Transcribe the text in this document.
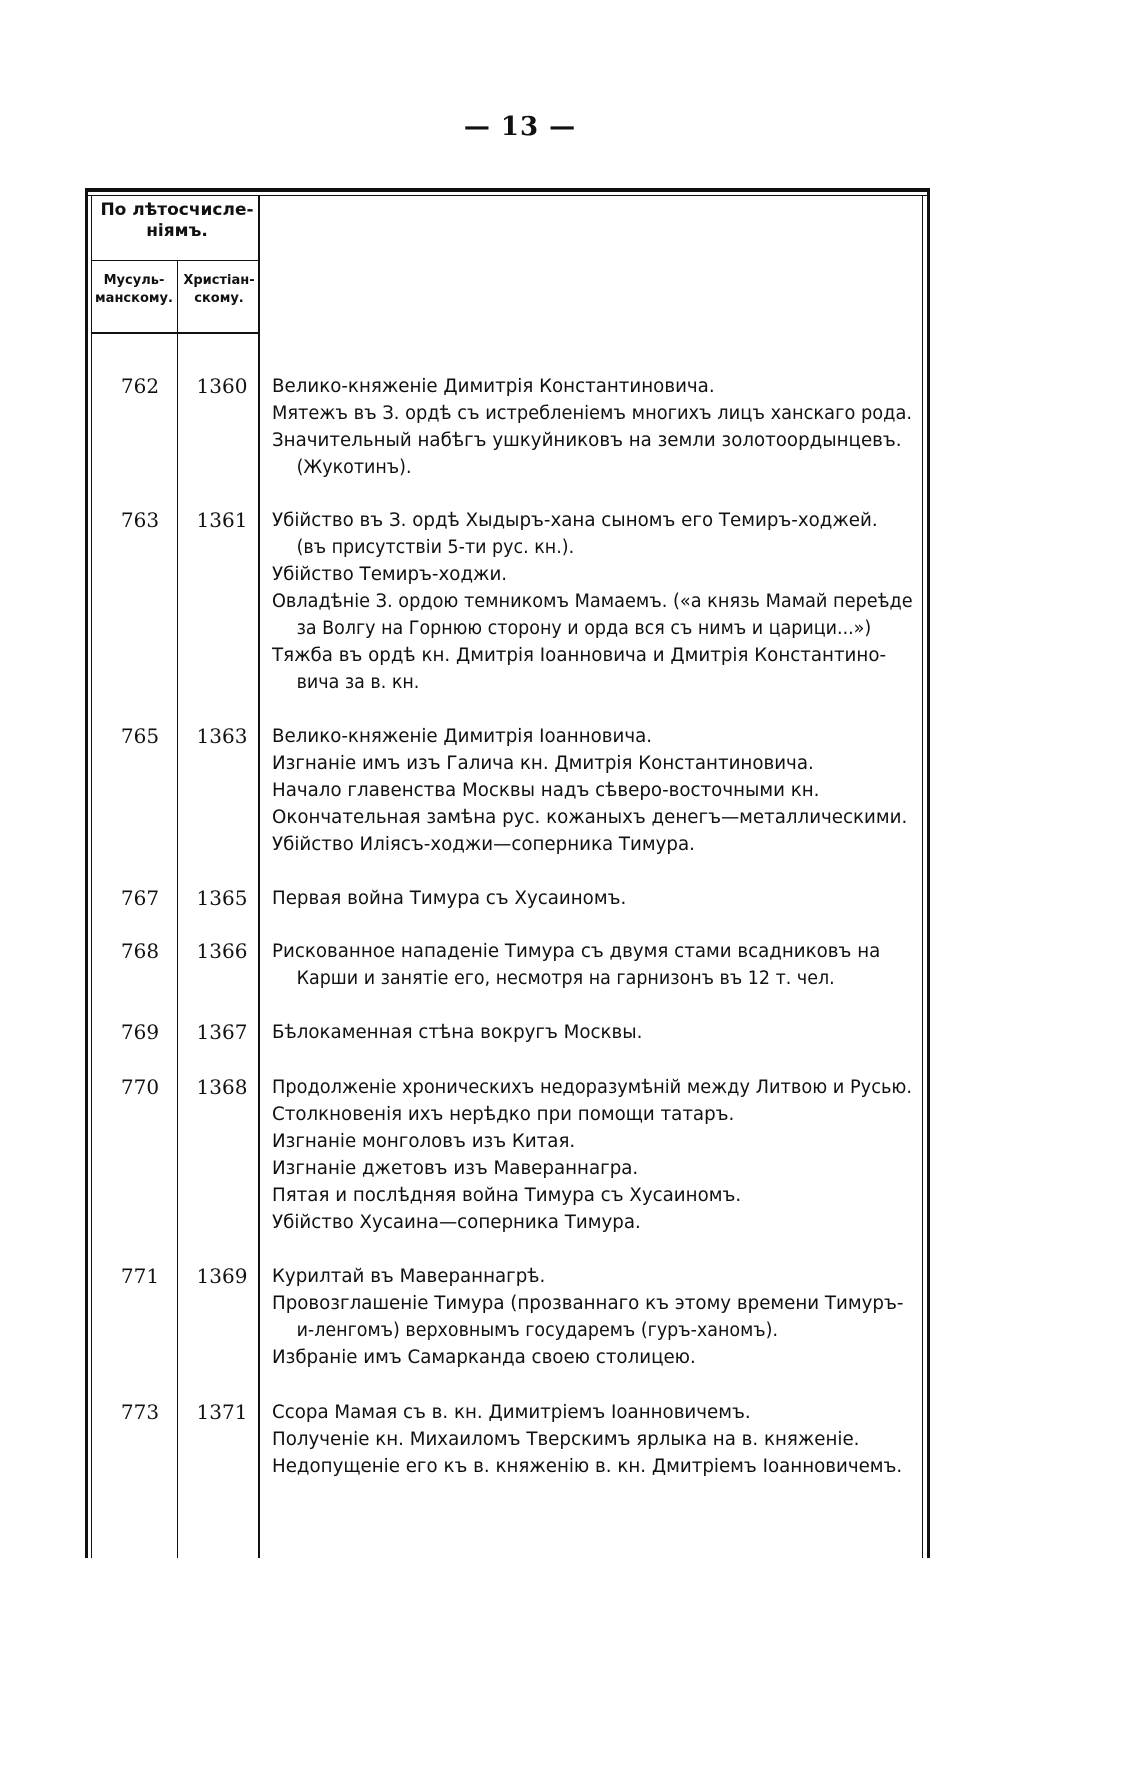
— 13 —
По лѣтосчисле-
ніямъ.
Мусуль-
манскому.
Христіан-
скому.
762	1360	Велико-княженіе Димитрія Константиновича.
Мятежъ въ З. ордѣ съ истребленіемъ многихъ лицъ ханскаго рода.
Значительный набѣгъ ушкуйниковъ на земли золотоордынцевъ.
(Жукотинъ).
763	1361	Убійство въ З. ордѣ Хыдыръ-хана сыномъ его Темиръ-ходжей.
(въ присутствіи 5-ти рус. кн.).
Убійство Темиръ-ходжи.
Овладѣніе З. ордою темникомъ Мамаемъ. («а князь Мамай переѣде
за Волгу на Горнюю сторону и орда вся съ нимъ и царици...»)
Тяжба въ ордѣ кн. Дмитрія Іоанновича и Дмитрія Константино-
вича за в. кн.
765	1363	Велико-княженіе Димитрія Іоанновича.
Изгнаніе имъ изъ Галича кн. Дмитрія Константиновича.
Начало главенства Москвы надъ сѣверо-восточными кн.
Окончательная замѣна рус. кожаныхъ денегъ—металлическими.
Убійство Иліясъ-ходжи—соперника Тимура.
767	1365	Первая война Тимура съ Хусаиномъ.
768	1366	Рискованное нападеніе Тимура съ двумя стами всадниковъ на
Карши и занятіе его, несмотря на гарнизонъ въ 12 т. чел.
769	1367	Бѣлокаменная стѣна вокругъ Москвы.
770	1368	Продолженіе хроническихъ недоразумѣній между Литвою и Русью.
Столкновенія ихъ нерѣдко при помощи татаръ.
Изгнаніе монголовъ изъ Китая.
Изгнаніе джетовъ изъ Мавераннагра.
Пятая и послѣдняя война Тимура съ Хусаиномъ.
Убійство Хусаина—соперника Тимура.
771	1369	Курилтай въ Мавераннагрѣ.
Провозглашеніе Тимура (прозваннаго къ этому времени Тимуръ-
и-ленгомъ) верховнымъ государемъ (гуръ-ханомъ).
Избраніе имъ Самарканда своею столицею.
773	1371	Ссора Мамая съ в. кн. Димитріемъ Іоанновичемъ.
Полученіе кн. Михаиломъ Тверскимъ ярлыка на в. княженіе.
Недопущеніе его къ в. княженію в. кн. Дмитріемъ Іоанновичемъ.
